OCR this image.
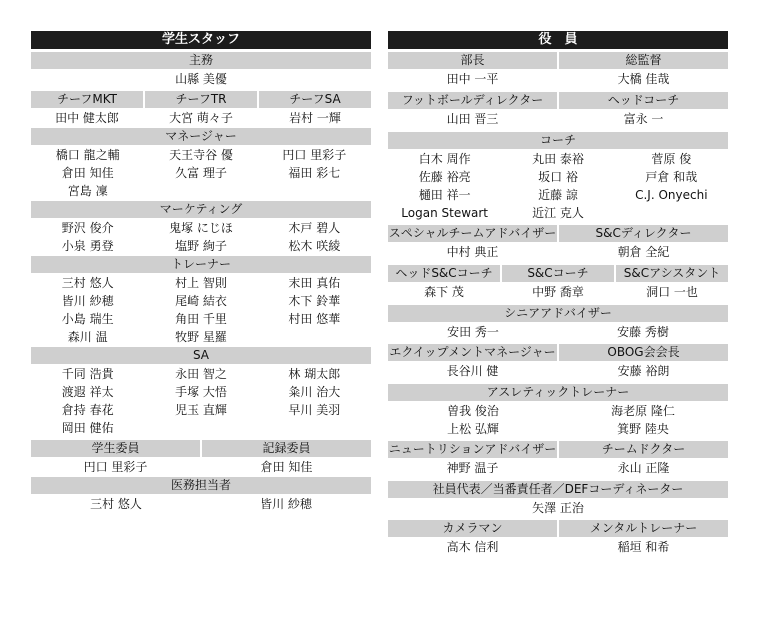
学生スタッフ
主務
山縣 美優
チーフMKT
田中 健太郎
チーフTR
大宮 萌々子
チーフSA
岩村 一輝
マネージャー
橋口 龍之輔	天王寺谷 優	円口 里彩子
倉田 知佳	久富 理子	福田 彩七
宮島 凜
マーケティング
野沢 俊介	鬼塚 にじほ	木戸 碧人
小泉 勇登	塩野 絢子	松木 咲綾
トレーナー
三村 悠人	村上 智則	末田 真佑
皆川 紗穂	尾崎 結衣	木下 鈴華
小島 瑞生	角田 千里	村田 悠華
森川 温	牧野 星羅
SA
千同 浩貴	永田 智之	林 瑚太郎
渡遐 祥太	手塚 大悟	粂川 治大
倉持 春花	児玉 直輝	早川 美羽
岡田 健佑
学生委員
円口 里彩子
記録委員
倉田 知佳
医務担当者
三村 悠人	皆川 紗穂
役　員
部長
田中 一平
総監督
大橋 佳哉
フットボールディレクター
山田 晋三
ヘッドコーチ
富永 一
コーチ
白木 周作	丸田 泰裕	菅原 俊
佐藤 裕亮	坂口 裕	戸倉 和哉
樋田 祥一	近藤 諒	C.J. Onyechi
Logan Stewart	近江 克人
スペシャルチームアドバイザー
中村 典正
S&Cディレクター
朝倉 全紀
ヘッドS&Cコーチ
森下 茂
S&Cコーチ
中野 喬章
S&Cアシスタント
洞口 一也
シニアアドバイザー
安田 秀一	安藤 秀樹
エクイップメントマネージャー
長谷川 健
OBOG会会長
安藤 裕朗
アスレティックトレーナー
曽我 俊治	海老原 隆仁
上松 弘輝	箕野 陸央
ニュートリションアドバイザー
神野 温子
チームドクター
永山 正隆
社員代表／当番責任者／DEFコーディネーター
矢澤 正治
カメラマン
高木 信利
メンタルトレーナー
稲垣 和希
